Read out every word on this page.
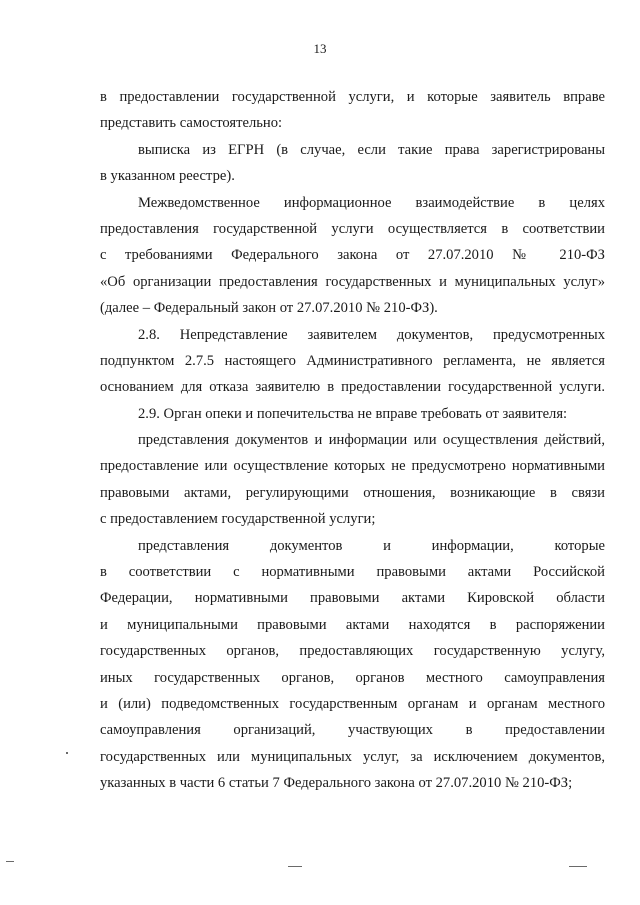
13
в предоставлении государственной услуги, и которые заявитель вправе
представить самостоятельно:
выписка из ЕГРН (в случае, если такие права зарегистрированы
в указанном реестре).
Межведомственное информационное взаимодействие в целях
предоставления государственной услуги осуществляется в соответствии
с требованиями Федерального закона от 27.07.2010 № 210-ФЗ
«Об организации предоставления государственных и муниципальных услуг»
(далее – Федеральный закон от 27.07.2010 № 210-ФЗ).
2.8. Непредставление заявителем документов, предусмотренных
подпунктом 2.7.5 настоящего Административного регламента, не является
основанием для отказа заявителю в предоставлении государственной услуги.
2.9. Орган опеки и попечительства не вправе требовать от заявителя:
представления документов и информации или осуществления действий,
предоставление или осуществление которых не предусмотрено нормативными
правовыми актами, регулирующими отношения, возникающие в связи
с предоставлением государственной услуги;
представления документов и информации, которые
в соответствии с нормативными правовыми актами Российской
Федерации, нормативными правовыми актами Кировской области
и муниципальными правовыми актами находятся в распоряжении
государственных органов, предоставляющих государственную услугу,
иных государственных органов, органов местного самоуправления
и (или) подведомственных государственным органам и органам местного
самоуправления организаций, участвующих в предоставлении
государственных или муниципальных услуг, за исключением документов,
указанных в части 6 статьи 7 Федерального закона от 27.07.2010 № 210-ФЗ;
